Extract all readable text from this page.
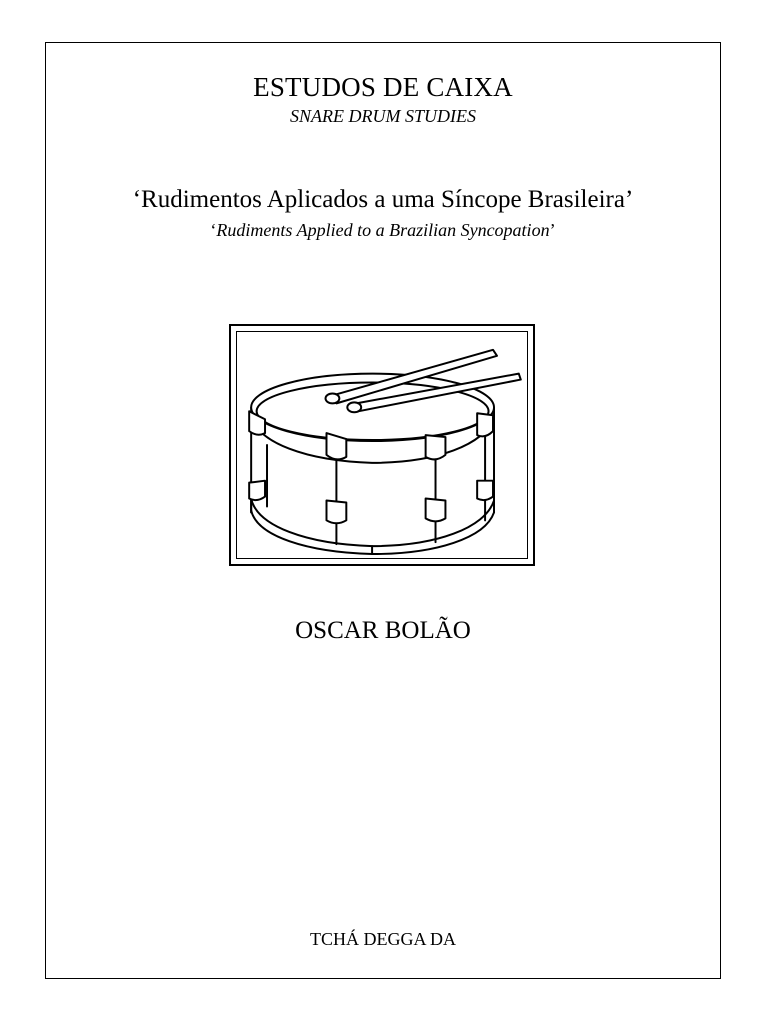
ESTUDOS DE CAIXA
SNARE DRUM STUDIES
‘Rudimentos Aplicados a uma Síncope Brasileira’
‘Rudiments Applied to a Brazilian Syncopation’
OSCAR BOLÃO
TCHÁ DEGGA DA
